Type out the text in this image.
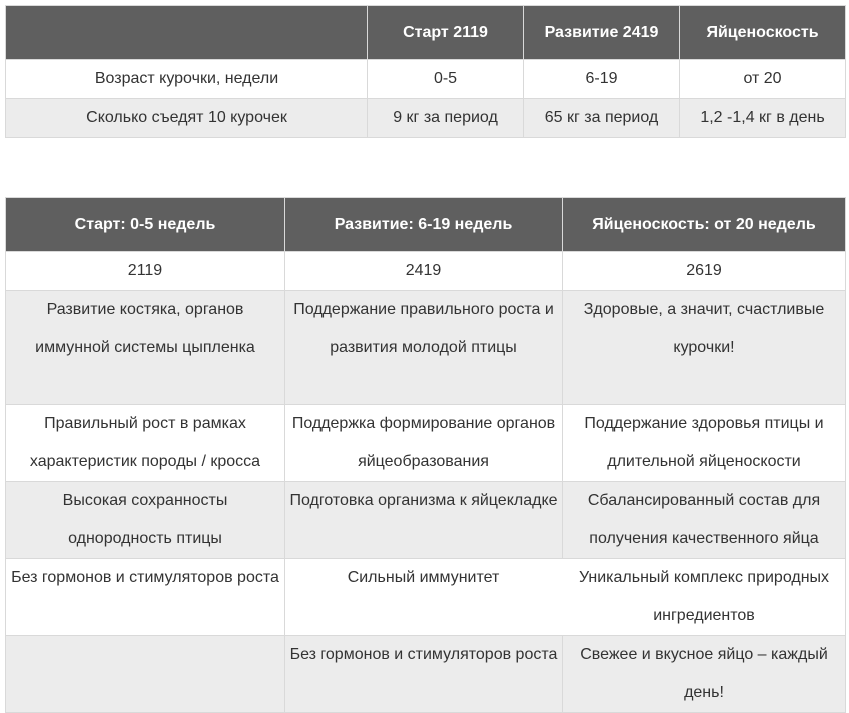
	Старт 2119	Развитие 2419	Яйценоскость
Возраст курочки, недели	0-5	6-19	от 20
Сколько съедят 10 курочек	9 кг за период	65 кг за период	1,2 -1,4 кг в день
Старт: 0-5 недель	Развитие: 6-19 недель	Яйценоскость: от 20 недель
2119	2419	2619
Развитие костяка, органов иммунной системы цыпленка	Поддержание правильного роста и развития молодой птицы	Здоровые, а значит, счастливые курочки!
Правильный рост в рамках характеристик породы / кросса	Поддержка формирование органов яйцеобразования	Поддержание здоровья птицы и длительной яйценоскости
Высокая сохранносты однородность птицы	Подготовка организма к яйцекладке	Сбалансированный состав для получения качественного яйца
Без гормонов и стимуляторов роста	Сильный иммунитет	Уникальный комплекс природных ингредиентов
	Без гормонов и стимуляторов роста	Свежее и вкусное яйцо – каждый день!
